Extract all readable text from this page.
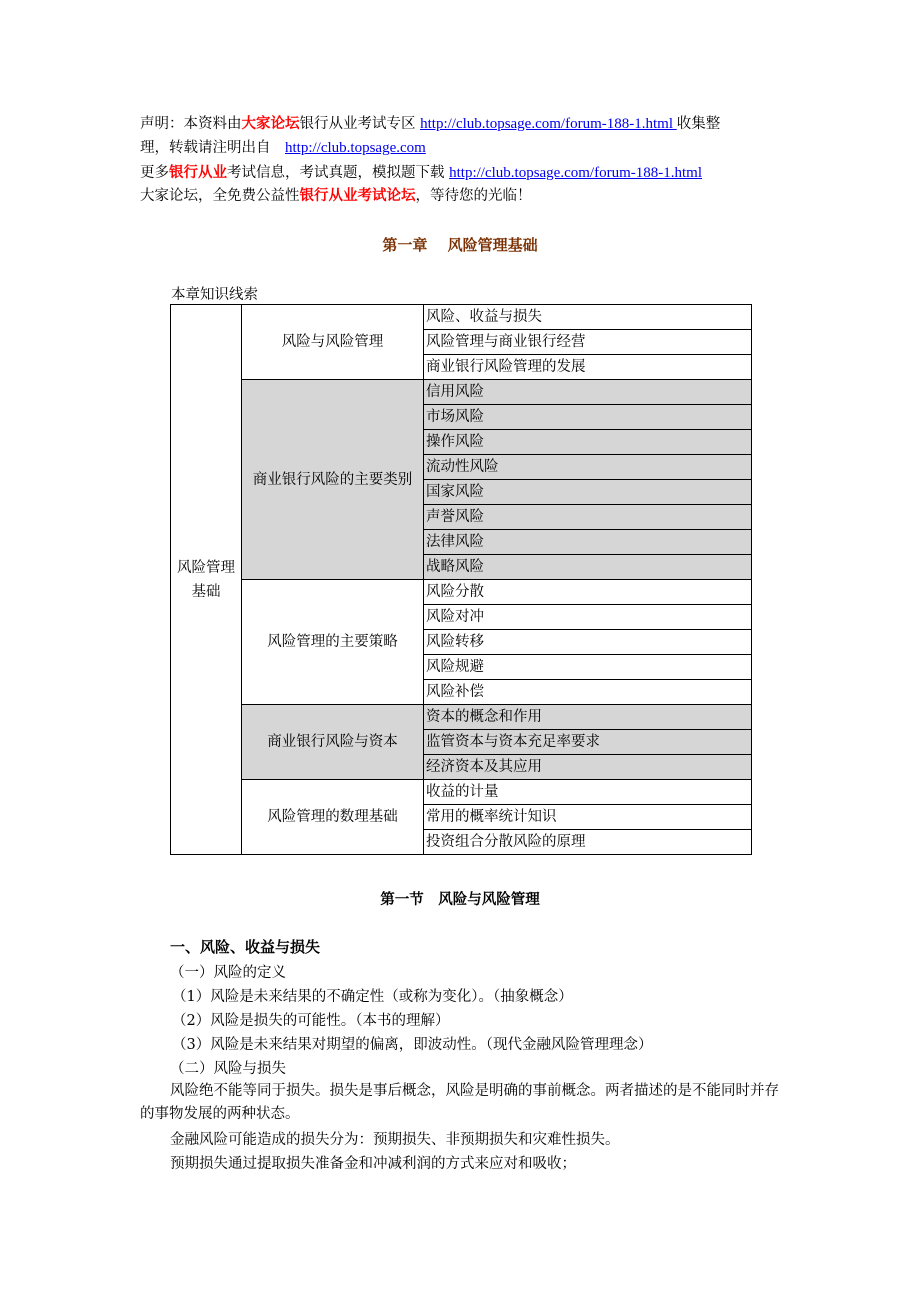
声明：本资料由大家论坛银行从业考试专区 http://club.topsage.com/forum-188-1.html 收集整
理，转载请注明出自　 http://club.topsage.com
更多银行从业考试信息，考试真题，模拟题下载 http://club.topsage.com/forum-188-1.html
大家论坛，全免费公益性银行从业考试论坛，等待您的光临！
第一章　 风险管理基础
本章知识线索
风险管理
基础	风险与风险管理	风险、收益与损失
		风险管理与商业银行经营
		商业银行风险管理的发展
	商业银行风险的主要类别	信用风险
		市场风险
		操作风险
		流动性风险
		国家风险
		声誉风险
		法律风险
		战略风险
	风险管理的主要策略	风险分散
		风险对冲
		风险转移
		风险规避
		风险补偿
	商业银行风险与资本	资本的概念和作用
		监管资本与资本充足率要求
		经济资本及其应用
	风险管理的数理基础	收益的计量
		常用的概率统计知识
		投资组合分散风险的原理
第一节　 风险与风险管理
一、风险、收益与损失
（一）风险的定义
（1）风险是未来结果的不确定性（或称为变化）。（抽象概念）
（2）风险是损失的可能性。（本书的理解）
（3）风险是未来结果对期望的偏离，即波动性。（现代金融风险管理理念）
（二）风险与损失
风险绝不能等同于损失。损失是事后概念，风险是明确的事前概念。两者描述的是不能同时并存的事物发展的两种状态。
金融风险可能造成的损失分为：预期损失、非预期损失和灾难性损失。
预期损失通过提取损失准备金和冲减利润的方式来应对和吸收；
